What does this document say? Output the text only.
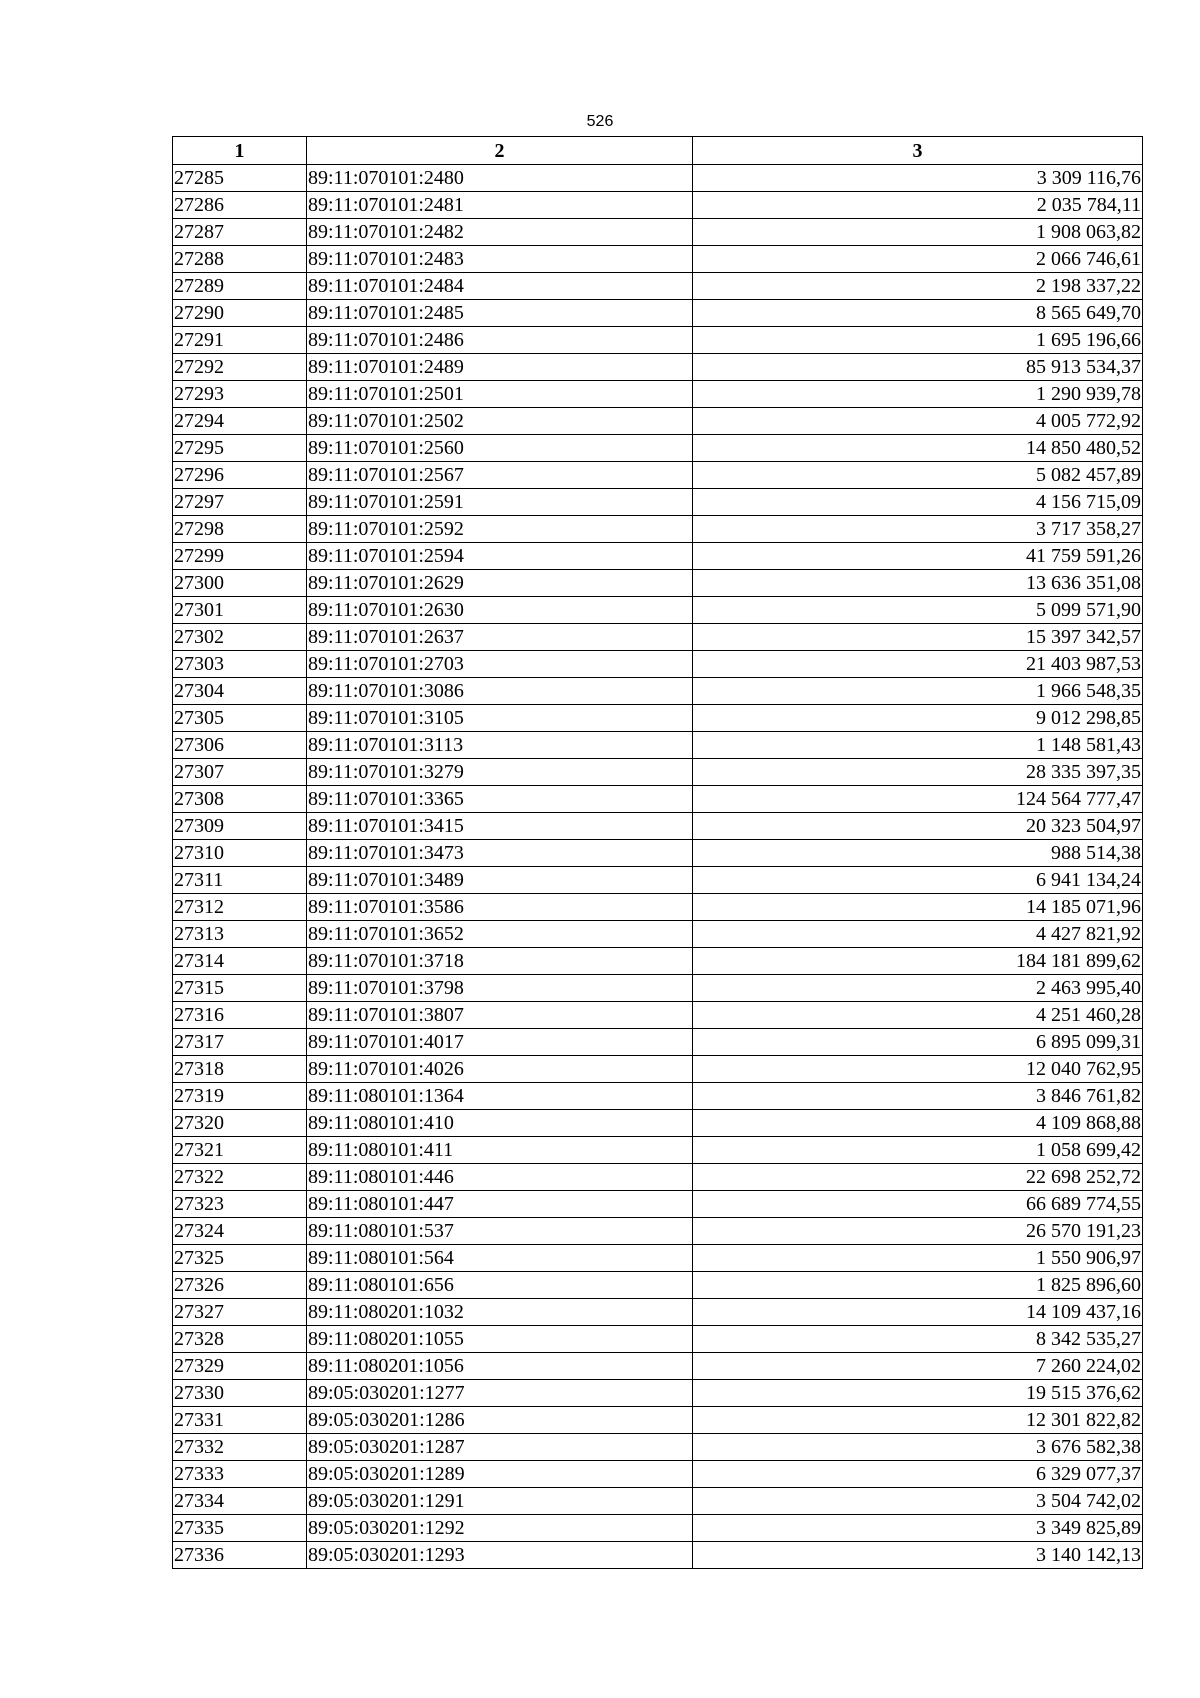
526
1	2	3
27285	89:11:070101:2480	3 309 116,76
27286	89:11:070101:2481	2 035 784,11
27287	89:11:070101:2482	1 908 063,82
27288	89:11:070101:2483	2 066 746,61
27289	89:11:070101:2484	2 198 337,22
27290	89:11:070101:2485	8 565 649,70
27291	89:11:070101:2486	1 695 196,66
27292	89:11:070101:2489	85 913 534,37
27293	89:11:070101:2501	1 290 939,78
27294	89:11:070101:2502	4 005 772,92
27295	89:11:070101:2560	14 850 480,52
27296	89:11:070101:2567	5 082 457,89
27297	89:11:070101:2591	4 156 715,09
27298	89:11:070101:2592	3 717 358,27
27299	89:11:070101:2594	41 759 591,26
27300	89:11:070101:2629	13 636 351,08
27301	89:11:070101:2630	5 099 571,90
27302	89:11:070101:2637	15 397 342,57
27303	89:11:070101:2703	21 403 987,53
27304	89:11:070101:3086	1 966 548,35
27305	89:11:070101:3105	9 012 298,85
27306	89:11:070101:3113	1 148 581,43
27307	89:11:070101:3279	28 335 397,35
27308	89:11:070101:3365	124 564 777,47
27309	89:11:070101:3415	20 323 504,97
27310	89:11:070101:3473	988 514,38
27311	89:11:070101:3489	6 941 134,24
27312	89:11:070101:3586	14 185 071,96
27313	89:11:070101:3652	4 427 821,92
27314	89:11:070101:3718	184 181 899,62
27315	89:11:070101:3798	2 463 995,40
27316	89:11:070101:3807	4 251 460,28
27317	89:11:070101:4017	6 895 099,31
27318	89:11:070101:4026	12 040 762,95
27319	89:11:080101:1364	3 846 761,82
27320	89:11:080101:410	4 109 868,88
27321	89:11:080101:411	1 058 699,42
27322	89:11:080101:446	22 698 252,72
27323	89:11:080101:447	66 689 774,55
27324	89:11:080101:537	26 570 191,23
27325	89:11:080101:564	1 550 906,97
27326	89:11:080101:656	1 825 896,60
27327	89:11:080201:1032	14 109 437,16
27328	89:11:080201:1055	8 342 535,27
27329	89:11:080201:1056	7 260 224,02
27330	89:05:030201:1277	19 515 376,62
27331	89:05:030201:1286	12 301 822,82
27332	89:05:030201:1287	3 676 582,38
27333	89:05:030201:1289	6 329 077,37
27334	89:05:030201:1291	3 504 742,02
27335	89:05:030201:1292	3 349 825,89
27336	89:05:030201:1293	3 140 142,13
